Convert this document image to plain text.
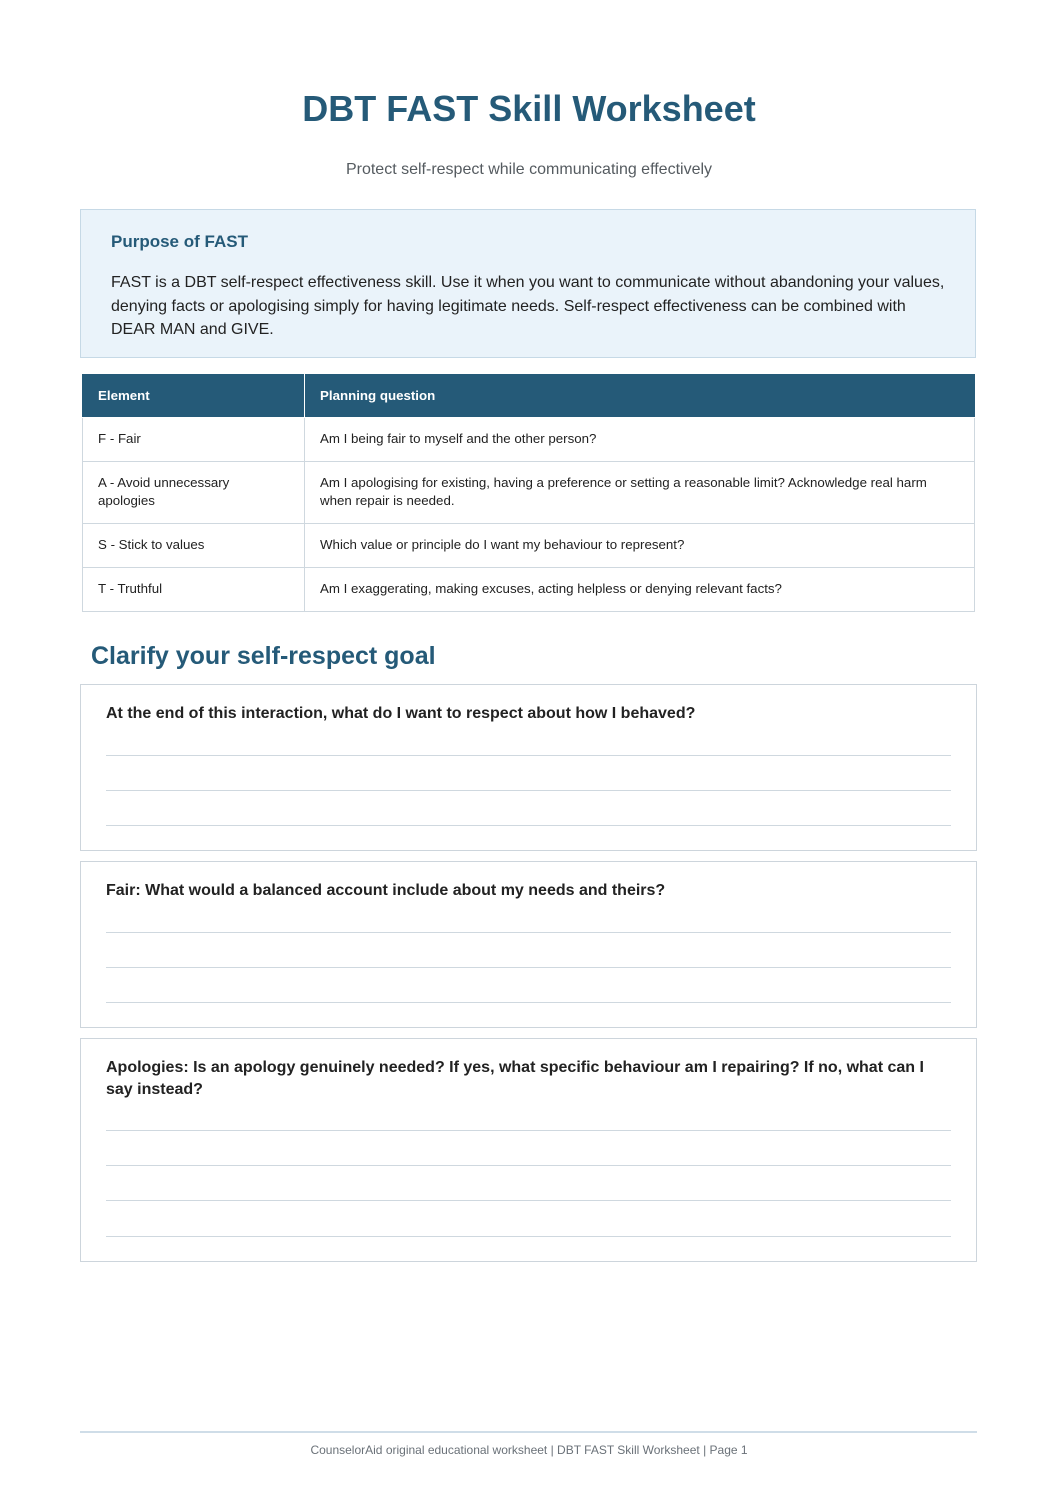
DBT FAST Skill Worksheet

Protect self-respect while communicating effectively

Purpose of FAST

FAST is a DBT self-respect effectiveness skill. Use it when you want to communicate without abandoning your values, denying facts or apologising simply for having legitimate needs. Self-respect effectiveness can be combined with DEAR MAN and GIVE.

Element	Planning question
F - Fair	Am I being fair to myself and the other person?
A - Avoid unnecessary apologies	Am I apologising for existing, having a preference or setting a reasonable limit? Acknowledge real harm when repair is needed.
S - Stick to values	Which value or principle do I want my behaviour to represent?
T - Truthful	Am I exaggerating, making excuses, acting helpless or denying relevant facts?
Clarify your self-respect goal

At the end of this interaction, what do I want to respect about how I behaved?

Fair: What would a balanced account include about my needs and theirs?

Apologies: Is an apology genuinely needed? If yes, what specific behaviour am I repairing? If no, what can I say instead?

CounselorAid original educational worksheet | DBT FAST Skill Worksheet | Page 1
